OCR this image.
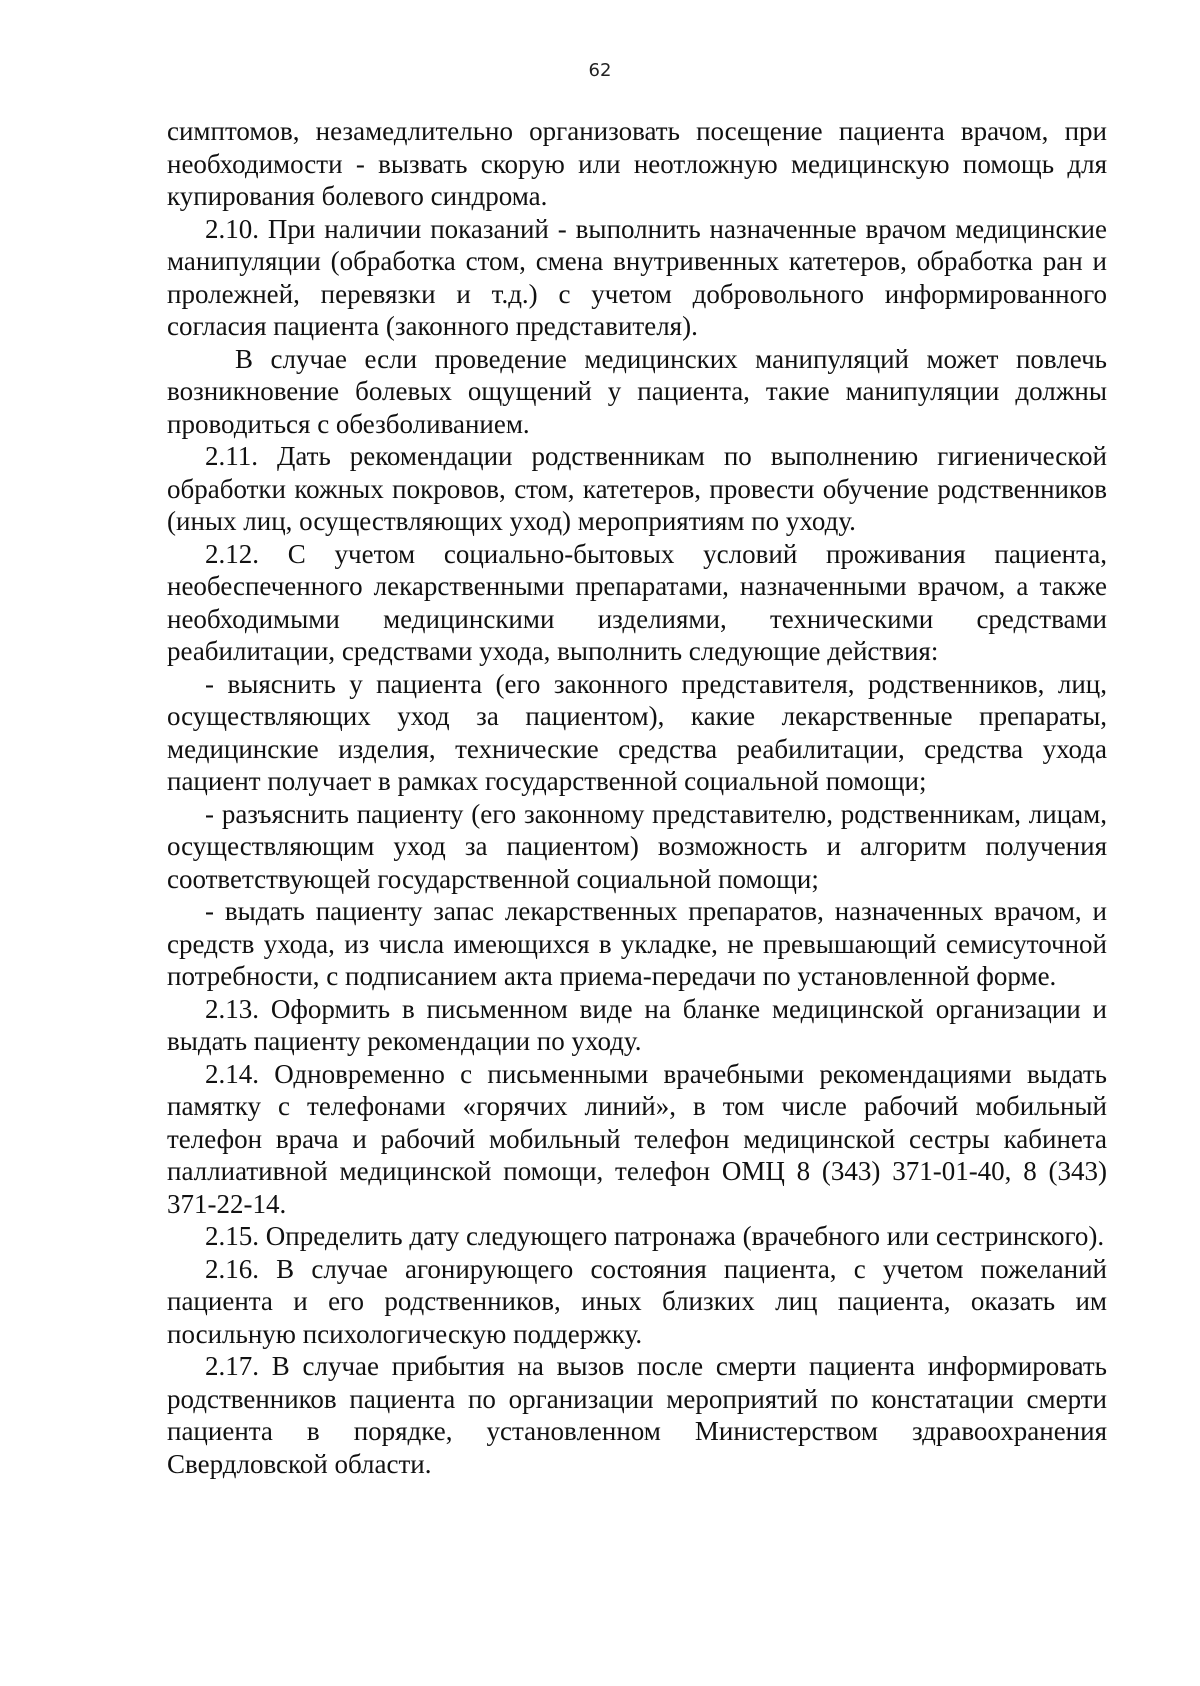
62

симптомов, незамедлительно организовать посещение пациента врачом, при необходимости - вызвать скорую или неотложную медицинскую помощь для купирования болевого синдрома.

2.10. При наличии показаний - выполнить назначенные врачом медицинские манипуляции (обработка стом, смена внутривенных катетеров, обработка ран и пролежней, перевязки и т.д.) с учетом добровольного информированного согласия пациента (законного представителя).

В случае если проведение медицинских манипуляций может повлечь возникновение болевых ощущений у пациента, такие манипуляции должны проводиться с обезболиванием.

2.11. Дать рекомендации родственникам по выполнению гигиенической обработки кожных покровов, стом, катетеров, провести обучение родственников (иных лиц, осуществляющих уход) мероприятиям по уходу.

2.12. С учетом социально-бытовых условий проживания пациента, необеспеченного лекарственными препаратами, назначенными врачом, а также необходимыми медицинскими изделиями, техническими средствами реабилитации, средствами ухода, выполнить следующие действия:

- выяснить у пациента (его законного представителя, родственников, лиц, осуществляющих уход за пациентом), какие лекарственные препараты, медицинские изделия, технические средства реабилитации, средства ухода пациент получает в рамках государственной социальной помощи;

- разъяснить пациенту (его законному представителю, родственникам, лицам, осуществляющим уход за пациентом) возможность и алгоритм получения соответствующей государственной социальной помощи;

- выдать пациенту запас лекарственных препаратов, назначенных врачом, и средств ухода, из числа имеющихся в укладке, не превышающий семисуточной потребности, с подписанием акта приема-передачи по установленной форме.

2.13. Оформить в письменном виде на бланке медицинской организации и выдать пациенту рекомендации по уходу.

2.14. Одновременно с письменными врачебными рекомендациями выдать памятку с телефонами «горячих линий», в том числе рабочий мобильный телефон врача и рабочий мобильный телефон медицинской сестры кабинета паллиативной медицинской помощи, телефон ОМЦ 8 (343) 371-01-40, 8 (343) 371-22-14.

2.15. Определить дату следующего патронажа (врачебного или сестринского).

2.16. В случае агонирующего состояния пациента, с учетом пожеланий пациента и его родственников, иных близких лиц пациента, оказать им посильную психологическую поддержку.

2.17. В случае прибытия на вызов после смерти пациента информировать родственников пациента по организации мероприятий по констатации смерти пациента в порядке, установленном Министерством здравоохранения Свердловской области.
